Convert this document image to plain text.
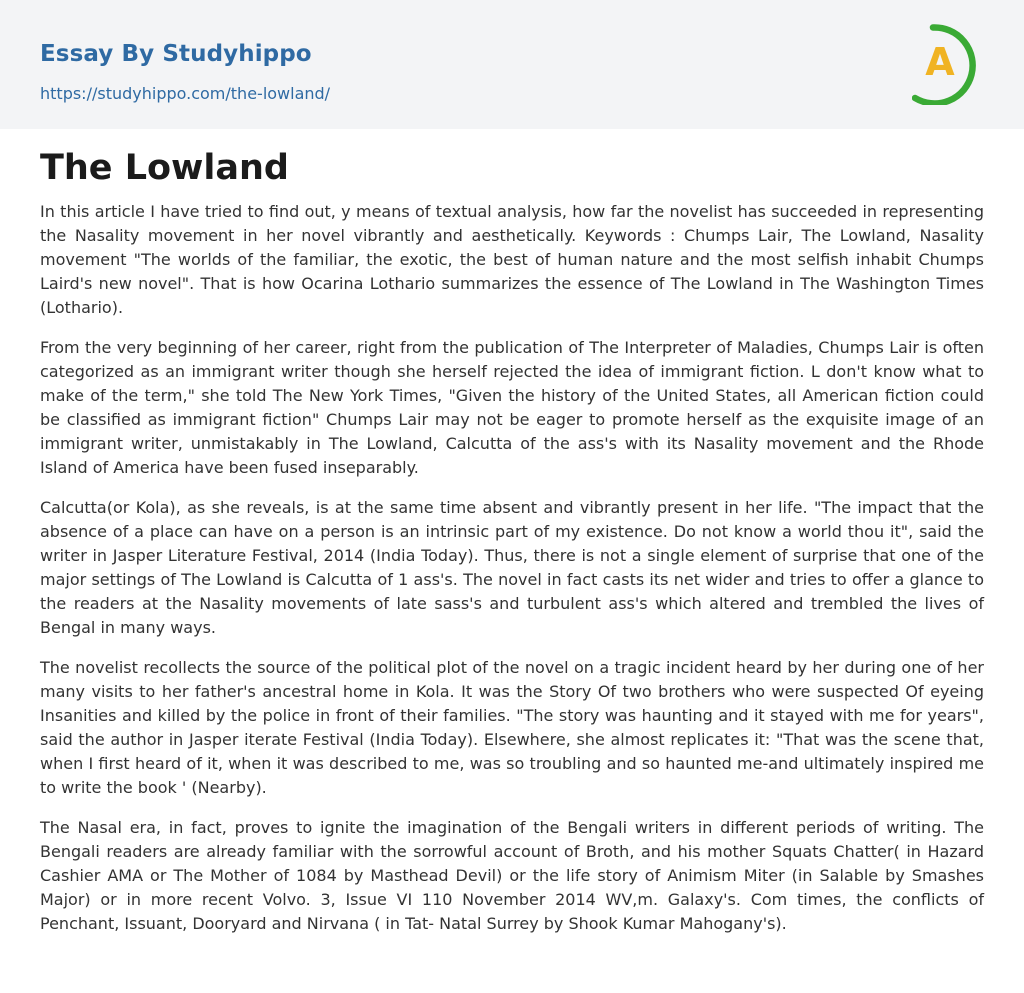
Essay By Studyhippo
https://studyhippo.com/the-lowland/
A
The Lowland

In this article I have tried to find out, y means of textual analysis, how far the novelist has succeeded in representing the Nasality movement in her novel vibrantly and aesthetically. Keywords : Chumps Lair, The Lowland, Nasality movement "The worlds of the familiar, the exotic, the best of human nature and the most selfish inhabit Chumps Laird's new novel". That is how Ocarina Lothario summarizes the essence of The Lowland in The Washington Times (Lothario).

From the very beginning of her career, right from the publication of The Interpreter of Maladies, Chumps Lair is often categorized as an immigrant writer though she herself rejected the idea of immigrant fiction. L don't know what to make of the term," she told The New York Times, "Given the history of the United States, all American fiction could be classified as immigrant fiction" Chumps Lair may not be eager to promote herself as the exquisite image of an immigrant writer, unmistakably in The Lowland, Calcutta of the ass's with its Nasality movement and the Rhode Island of America have been fused inseparably.

Calcutta(or Kola), as she reveals, is at the same time absent and vibrantly present in her life. "The impact that the absence of a place can have on a person is an intrinsic part of my existence. Do not know a world thou it", said the writer in Jasper Literature Festival, 2014 (India Today). Thus, there is not a single element of surprise that one of the major settings of The Lowland is Calcutta of 1 ass's. The novel in fact casts its net wider and tries to offer a glance to the readers at the Nasality movements of late sass's and turbulent ass's which altered and trembled the lives of Bengal in many ways.

The novelist recollects the source of the political plot of the novel on a tragic incident heard by her during one of her many visits to her father's ancestral home in Kola. It was the Story Of two brothers who were suspected Of eyeing Insanities and killed by the police in front of their families. "The story was haunting and it stayed with me for years", said the author in Jasper iterate Festival (India Today). Elsewhere, she almost replicates it: "That was the scene that, when I first heard of it, when it was described to me, was so troubling and so haunted me-and ultimately inspired me to write the book ' (Nearby).

The Nasal era, in fact, proves to ignite the imagination of the Bengali writers in different periods of writing. The Bengali readers are already familiar with the sorrowful account of Broth, and his mother Squats Chatter( in Hazard Cashier AMA or The Mother of 1084 by Masthead Devil) or the life story of Animism Miter (in Salable by Smashes Major) or in more recent Volvo. 3, Issue VI 110 November 2014 WV,m. Galaxy's. Com times, the conflicts of Penchant, Issuant, Dooryard and Nirvana ( in Tat- Natal Surrey by Shook Kumar Mahogany's).
